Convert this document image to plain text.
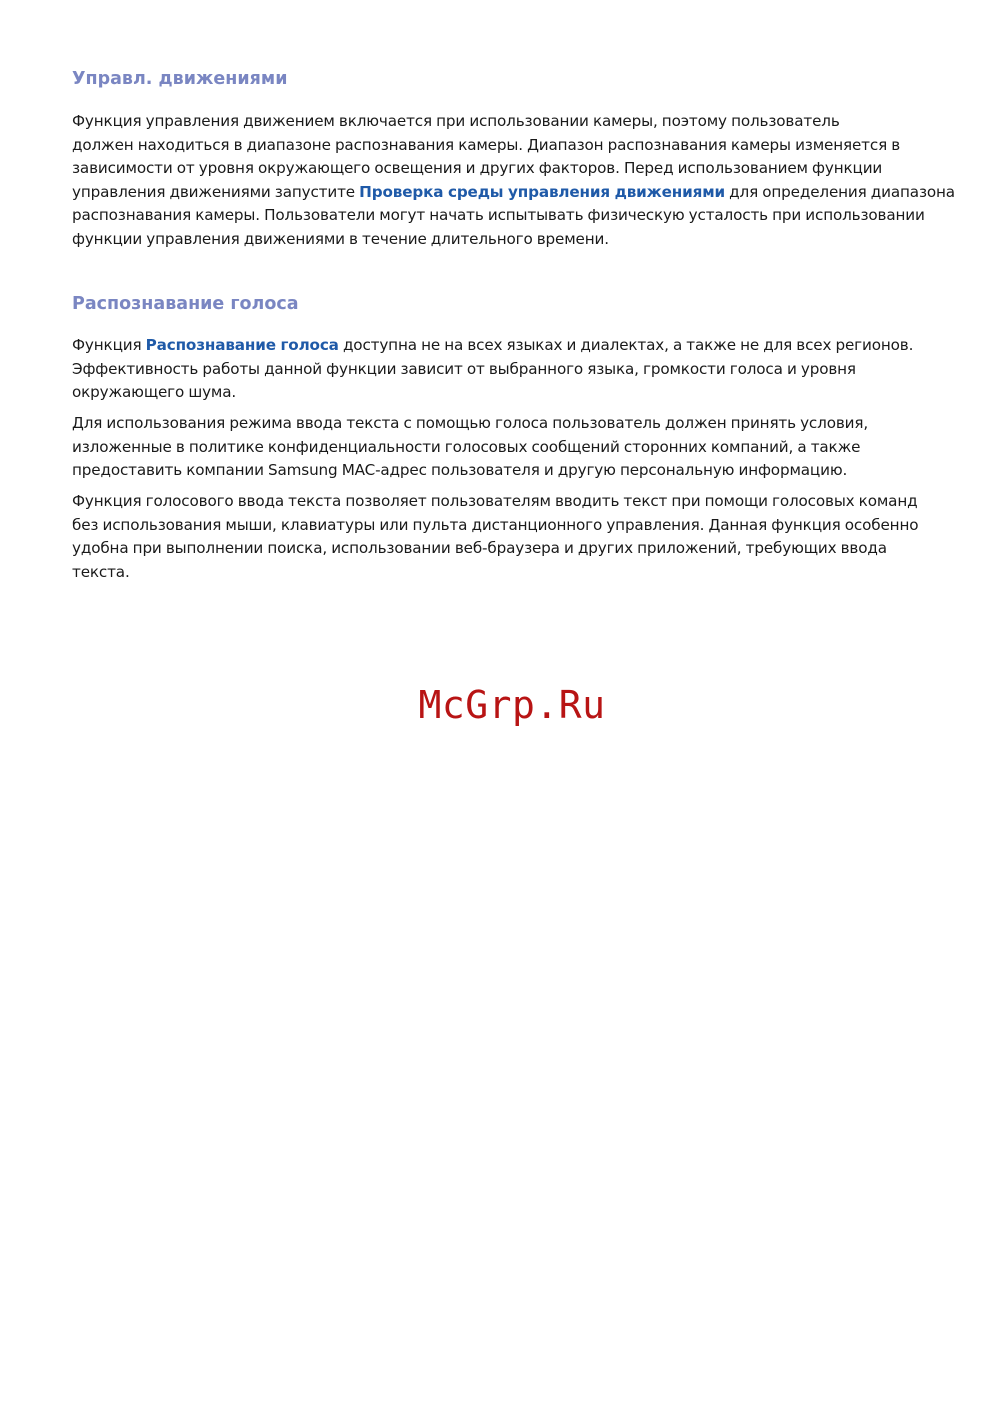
Управл. движениями

Функция управления движением включается при использовании камеры, поэтому пользователь
должен находиться в диапазоне распознавания камеры. Диапазон распознавания камеры изменяется в
зависимости от уровня окружающего освещения и других факторов. Перед использованием функции
управления движениями запустите Проверка среды управления движениями для определения диапазона
распознавания камеры. Пользователи могут начать испытывать физическую усталость при использовании
функции управления движениями в течение длительного времени.

Распознавание голоса

Функция Распознавание голоса доступна не на всех языках и диалектах, а также не для всех регионов.
Эффективность работы данной функции зависит от выбранного языка, громкости голоса и уровня
окружающего шума.

Для использования режима ввода текста с помощью голоса пользователь должен принять условия,
изложенные в политике конфиденциальности голосовых сообщений сторонних компаний, а также
предоставить компании Samsung MAC-адрес пользователя и другую персональную информацию.

Функция голосового ввода текста позволяет пользователям вводить текст при помощи голосовых команд
без использования мыши, клавиатуры или пульта дистанционного управления. Данная функция особенно
удобна при выполнении поиска, использовании веб-браузера и других приложений, требующих ввода
текста.

McGrp.Ru
